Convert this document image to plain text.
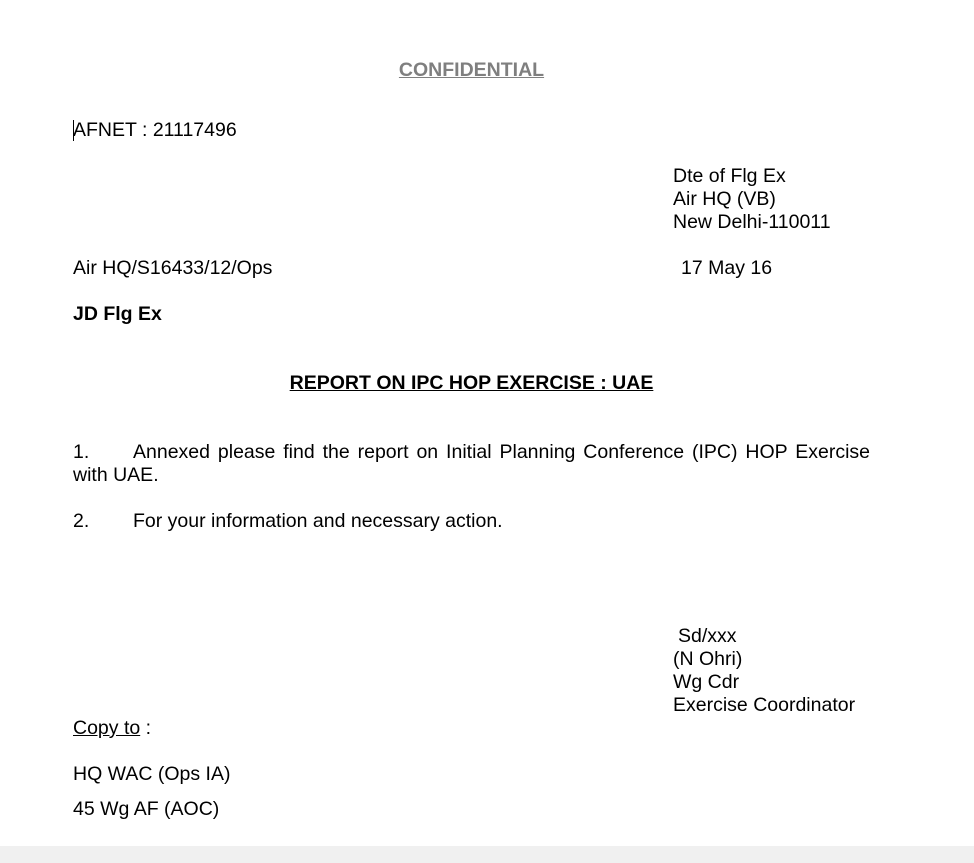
CONFIDENTIAL
AFNET : 21117496
Dte of Flg Ex
Air HQ (VB)
New Delhi-110011
Air HQ/S16433/12/Ops	17 May 16
JD Flg Ex
REPORT ON IPC HOP EXERCISE : UAE
1. Annexed please find the report on Initial Planning Conference (IPC) HOP Exercise with UAE.
2. For your information and necessary action.
Sd/xxx
(N Ohri)
Wg Cdr
Exercise Coordinator
Copy to :
HQ WAC (Ops IA)
45 Wg AF (AOC)
